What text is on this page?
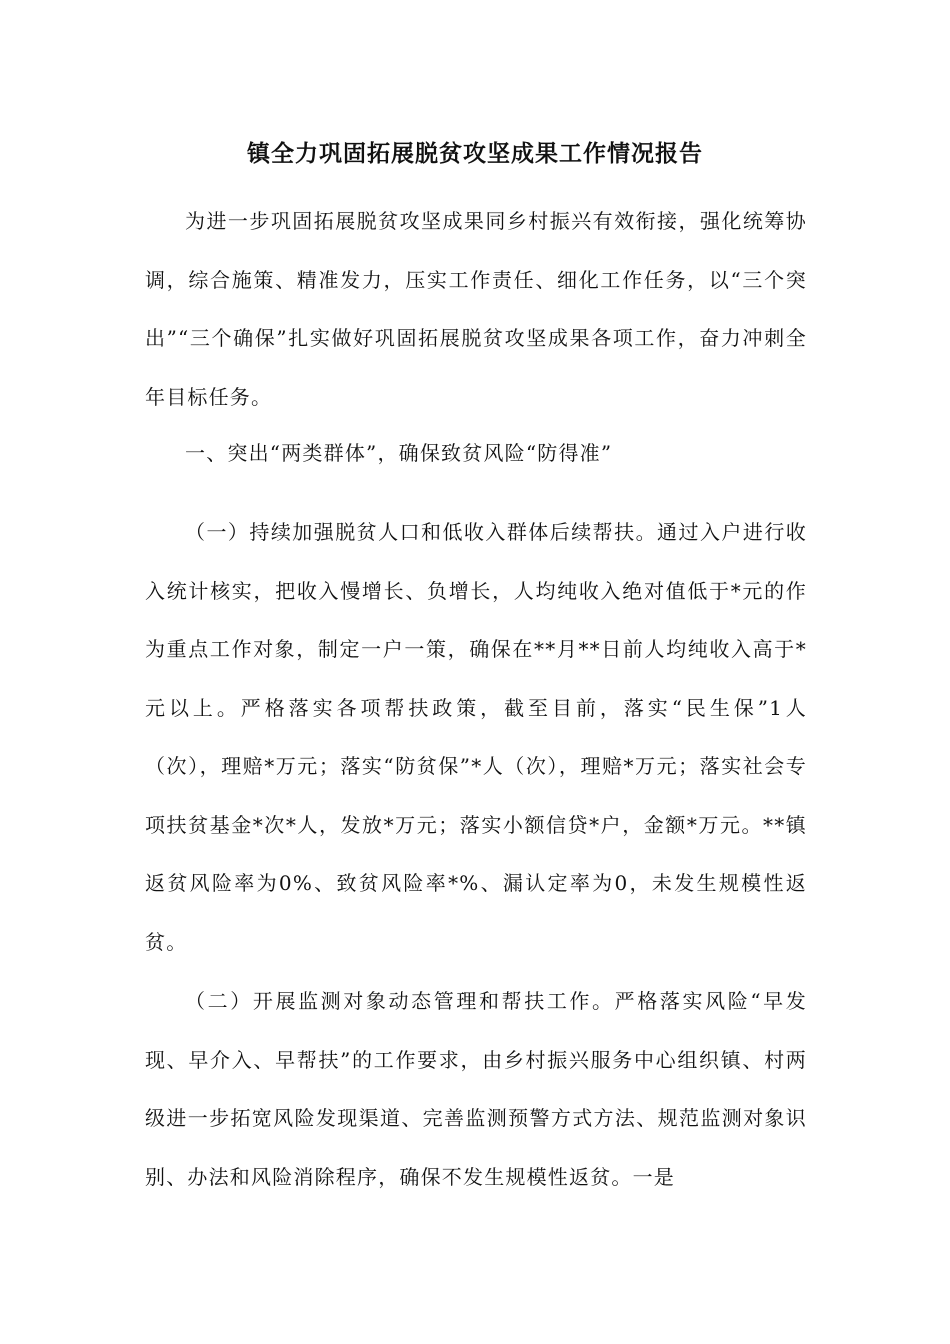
镇全力巩固拓展脱贫攻坚成果工作情况报告

为进一步巩固拓展脱贫攻坚成果同乡村振兴有效衔接，强化统筹协调，综合施策、精准发力，压实工作责任、细化工作任务，以“三个突出”“三个确保”扎实做好巩固拓展脱贫攻坚成果各项工作，奋力冲刺全年目标任务。

一、突出“两类群体”，确保致贫风险“防得准”

（一）持续加强脱贫人口和低收入群体后续帮扶。通过入户进行收入统计核实，把收入慢增长、负增长，人均纯收入绝对值低于*元的作为重点工作对象，制定一户一策，确保在**月**日前人均纯收入高于*元以上。严格落实各项帮扶政策，截至目前，落实“民生保”1人（次），理赔*万元；落实“防贫保”*人（次），理赔*万元；落实社会专项扶贫基金*次*人，发放*万元；落实小额信贷*户，金额*万元。**镇返贫风险率为0%、致贫风险率*%、漏认定率为0，未发生规模性返贫。

（二）开展监测对象动态管理和帮扶工作。严格落实风险“早发现、早介入、早帮扶”的工作要求，由乡村振兴服务中心组织镇、村两级进一步拓宽风险发现渠道、完善监测预警方式方法、规范监测对象识别、办法和风险消除程序，确保不发生规模性返贫。一是
